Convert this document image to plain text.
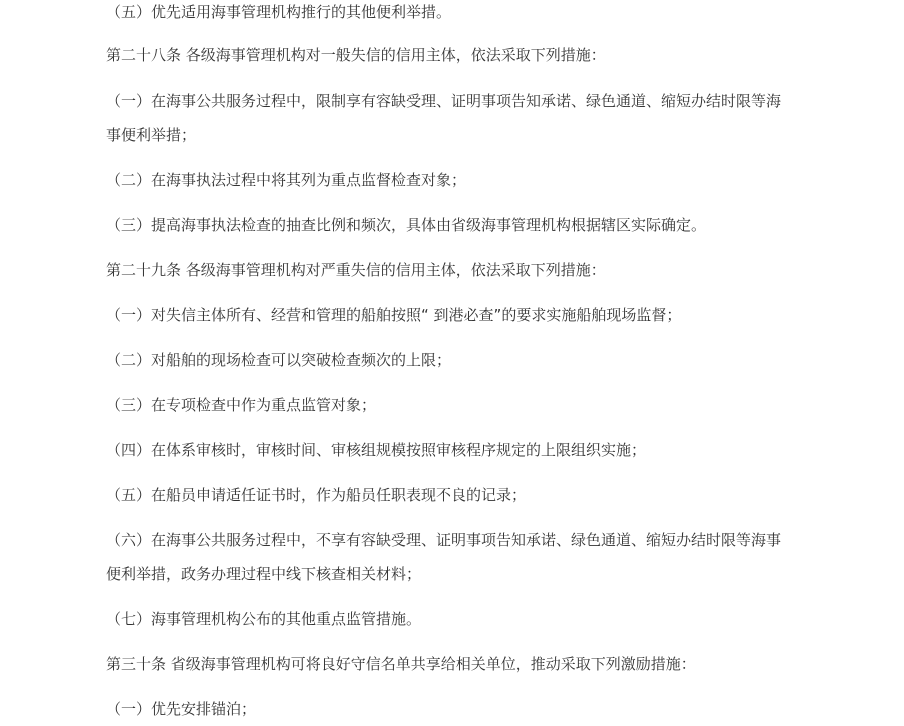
（五）优先适用海事管理机构推行的其他便利举措。

第二十八条 各级海事管理机构对一般失信的信用主体，依法采取下列措施：

（一）在海事公共服务过程中，限制享有容缺受理、证明事项告知承诺、绿色通道、缩短办结时限等海事便利举措；

（二）在海事执法过程中将其列为重点监督检查对象；

（三）提高海事执法检查的抽查比例和频次，具体由省级海事管理机构根据辖区实际确定。

第二十九条 各级海事管理机构对严重失信的信用主体，依法采取下列措施：

（一）对失信主体所有、经营和管理的船舶按照“ 到港必查”的要求实施船舶现场监督；

（二）对船舶的现场检查可以突破检查频次的上限；

（三）在专项检查中作为重点监管对象；

（四）在体系审核时，审核时间、审核组规模按照审核程序规定的上限组织实施；

（五）在船员申请适任证书时，作为船员任职表现不良的记录；

（六）在海事公共服务过程中，不享有容缺受理、证明事项告知承诺、绿色通道、缩短办结时限等海事便利举措，政务办理过程中线下核查相关材料；

（七）海事管理机构公布的其他重点监管措施。

第三十条 省级海事管理机构可将良好守信名单共享给相关单位，推动采取下列激励措施：

（一）优先安排锚泊；
